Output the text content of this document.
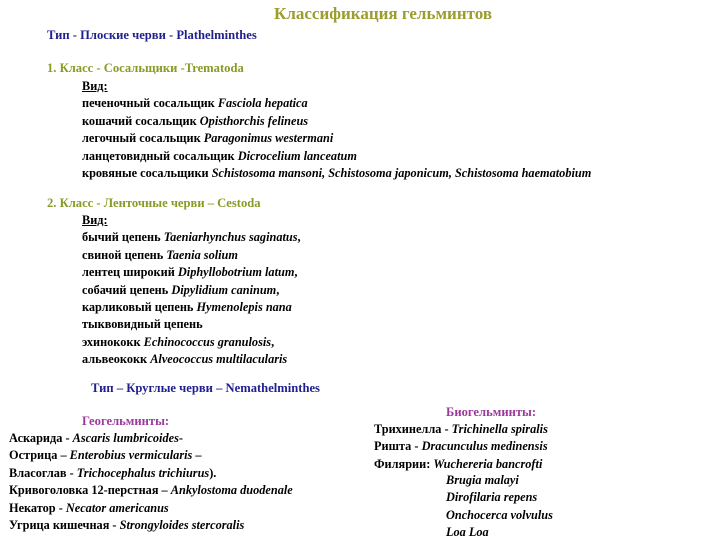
Классификация гельминтов
Тип - Плоские черви - Plathelminthes
1. Класс - Сосальщики -Trematoda
Вид:
печеночный сосальщик Fasciola hepatica
кошачий сосальщик Opisthorchis felineus
легочный сосальщик Paragonimus westermani
ланцетовидный сосальщик Dicrocelium lanceatum
кровяные сосальщики Schistosoma mansoni, Schistosoma japonicum, Schistosoma haematobium
2. Класс - Ленточные черви – Cestoda
Вид:
бычий цепень Taeniarhynchus saginatus,
свиной цепень Taenia solium
лентец широкий Diphyllobotrium latum,
собачий цепень Dipylidium caninum,
карликовый цепень Hymenolepis nana
тыквовидный цепень
эхинококк Echinococcus granulosis,
альвеококк Alveococcus multilacularis
Тип – Круглые черви – Nemathelminthes
Геогельминты:
Аскарида - Ascaris lumbricoides-
Острица – Enterobius vermicularis –
Власоглав - Trichocephalus trichiurus).
Кривоголовка 12-перстная – Ankylostoma duodenale
Некатор - Necator americanus
Угрица кишечная - Strongyloides stercoralis
Биогельминты:
Трихинелла - Trichinella spiralis
Ришта - Dracunculus medinensis
Филярии: Wuchereria bancrofti
Brugia malayi
Dirofilaria repens
Onchocerca volvulus
Loa Loa
